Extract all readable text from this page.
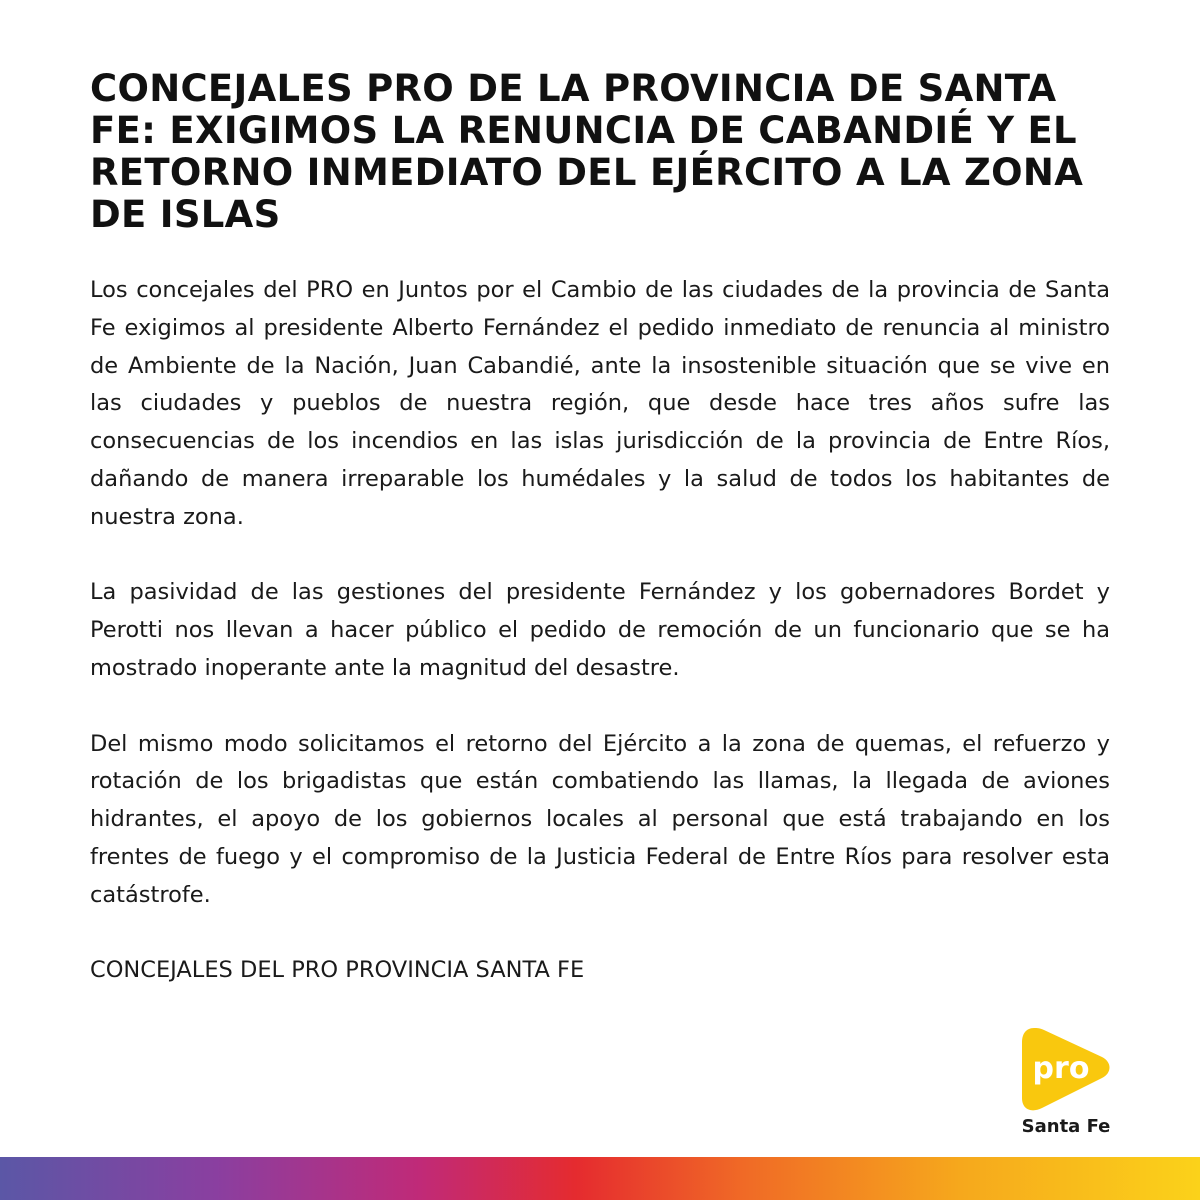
CONCEJALES PRO DE LA PROVINCIA DE SANTA FE: EXIGIMOS LA RENUNCIA DE CABANDIÉ Y EL RETORNO INMEDIATO DEL EJÉRCITO A LA ZONA DE ISLAS

Los concejales del PRO en Juntos por el Cambio de las ciudades de la provincia de Santa Fe exigimos al presidente Alberto Fernández el pedido inmediato de renuncia al ministro de Ambiente de la Nación, Juan Cabandié, ante la insostenible situación que se vive en las ciudades y pueblos de nuestra región, que desde hace tres años sufre las consecuencias de los incendios en las islas jurisdicción de la provincia de Entre Ríos, dañando de manera irreparable los humédales y la salud de todos los habitantes de nuestra zona.

La pasividad de las gestiones del presidente Fernández y los gobernadores Bordet y Perotti nos llevan a hacer público el pedido de remoción de un funcionario que se ha mostrado inoperante ante la magnitud del desastre.

Del mismo modo solicitamos el retorno del Ejército a la zona de quemas, el refuerzo y rotación de los brigadistas que están combatiendo las llamas, la llegada de aviones hidrantes, el apoyo de los gobiernos locales al personal que está trabajando en los frentes de fuego y el compromiso de la Justicia Federal de Entre Ríos para resolver esta catástrofe.

CONCEJALES DEL PRO PROVINCIA SANTA FE

pro
Santa Fe
